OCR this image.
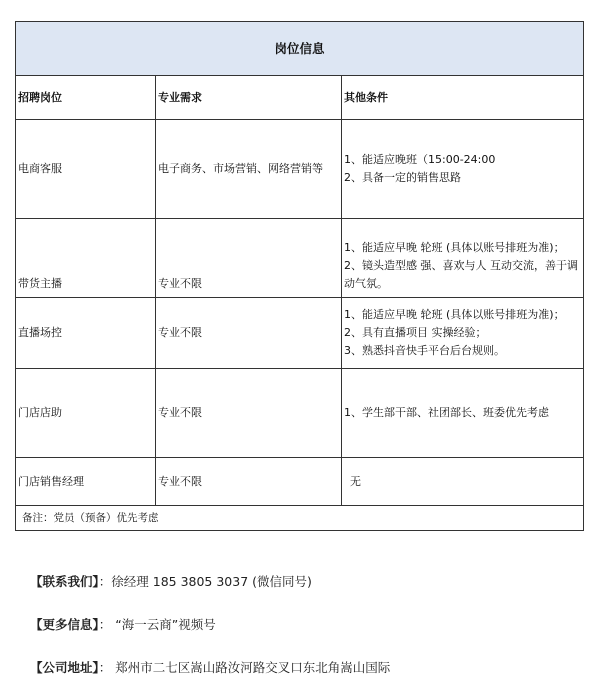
岗位信息		
招聘岗位	专业需求	其他条件
电商客服	电子商务、市场营销、网络营销等	1、能适应晚班（15:00-24:00
2、具备一定的销售思路
带货主播	专业不限	1、能适应早晚 轮班 (具体以账号排班为准)；
2、镜头造型感 强、喜欢与人 互动交流，善于调动气氛。
直播场控	专业不限	1、能适应早晚 轮班 (具体以账号排班为准)；
2、具有直播项目 实操经验；
3、熟悉抖音快手平台后台规则。
门店店助	专业不限	1、学生部干部、社团部长、班委优先考虑
门店销售经理	专业不限	无
备注：党员（预备）优先考虑		
【联系我们】：徐经理 185 3805 3037 (微信同号)
【更多信息】： “海一云商”视频号
【公司地址】： 郑州市二七区嵩山路汝河路交叉口东北角嵩山国际
